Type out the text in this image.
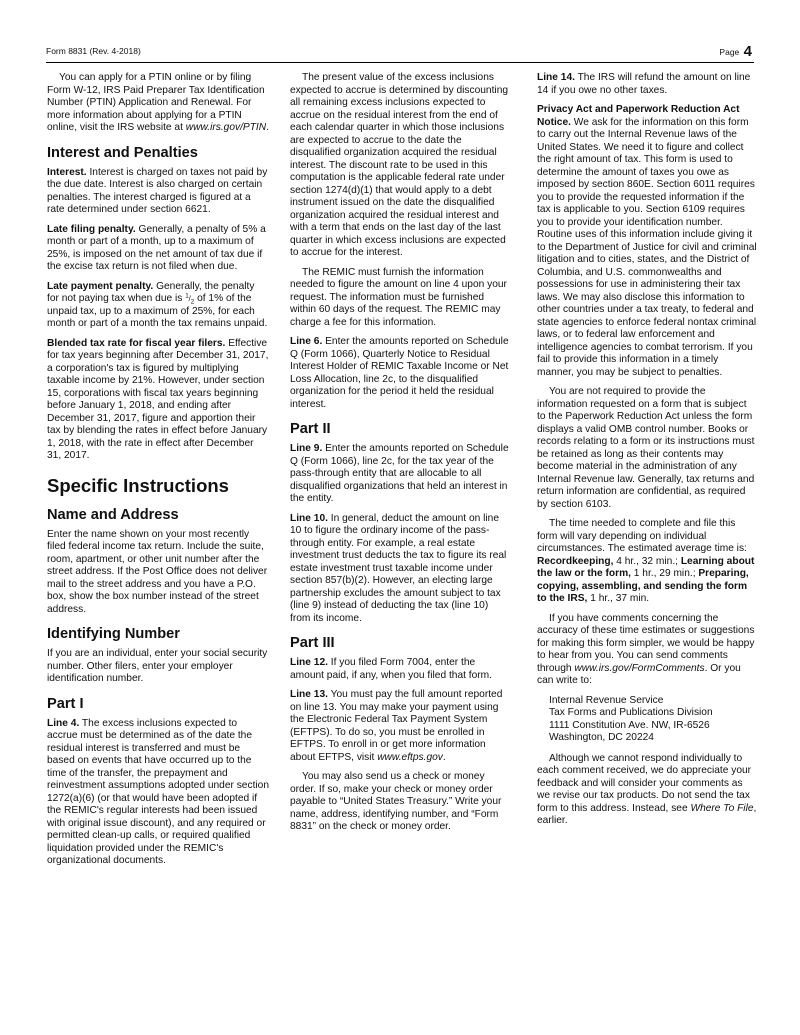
Form 8831 (Rev. 4-2018)	Page 4

You can apply for a PTIN online or by filing Form W-12, IRS Paid Preparer Tax Identification Number (PTIN) Application and Renewal. For more information about applying for a PTIN online, visit the IRS website at www.irs.gov/PTIN.

Interest and Penalties

Interest. Interest is charged on taxes not paid by the due date. Interest is also charged on certain penalties. The interest charged is figured at a rate determined under section 6621.

Late filing penalty. Generally, a penalty of 5% a month or part of a month, up to a maximum of 25%, is imposed on the net amount of tax due if the excise tax return is not filed when due.

Late payment penalty. Generally, the penalty for not paying tax when due is $^1/_2$ of 1% of the unpaid tax, up to a maximum of 25%, for each month or part of a month the tax remains unpaid.

Blended tax rate for fiscal year filers. Effective for tax years beginning after December 31, 2017, a corporation's tax is figured by multiplying taxable income by 21%. However, under section 15, corporations with fiscal tax years beginning before January 1, 2018, and ending after December 31, 2017, figure and apportion their tax by blending the rates in effect before January 1, 2018, with the rate in effect after December 31, 2017.

Specific Instructions
Name and Address

Enter the name shown on your most recently filed federal income tax return. Include the suite, room, apartment, or other unit number after the street address. If the Post Office does not deliver mail to the street address and you have a P.O. box, show the box number instead of the street address.

Identifying Number

If you are an individual, enter your social security number. Other filers, enter your employer identification number.

Part I

Line 4. The excess inclusions expected to accrue must be determined as of the date the residual interest is transferred and must be based on events that have occurred up to the time of the transfer, the prepayment and reinvestment assumptions adopted under section 1272(a)(6) (or that would have been adopted if the REMIC's regular interests had been issued with original issue discount), and any required or permitted clean-up calls, or required qualified liquidation provided under the REMIC's organizational documents.

The present value of the excess inclusions expected to accrue is determined by discounting all remaining excess inclusions expected to accrue on the residual interest from the end of each calendar quarter in which those inclusions are expected to accrue to the date the disqualified organization acquired the residual interest. The discount rate to be used in this computation is the applicable federal rate under section 1274(d)(1) that would apply to a debt instrument issued on the date the disqualified organization acquired the residual interest and with a term that ends on the last day of the last quarter in which excess inclusions are expected to accrue for the interest.

The REMIC must furnish the information needed to figure the amount on line 4 upon your request. The information must be furnished within 60 days of the request. The REMIC may charge a fee for this information.

Line 6. Enter the amounts reported on Schedule Q (Form 1066), Quarterly Notice to Residual Interest Holder of REMIC Taxable Income or Net Loss Allocation, line 2c, to the disqualified organization for the period it held the residual interest.

Part II

Line 9. Enter the amounts reported on Schedule Q (Form 1066), line 2c, for the tax year of the pass-through entity that are allocable to all disqualified organizations that held an interest in the entity.

Line 10. In general, deduct the amount on line 10 to figure the ordinary income of the pass-through entity. For example, a real estate investment trust deducts the tax to figure its real estate investment trust taxable income under section 857(b)(2). However, an electing large partnership excludes the amount subject to tax (line 9) instead of deducting the tax (line 10) from its income.

Part III

Line 12. If you filed Form 7004, enter the amount paid, if any, when you filed that form.

Line 13. You must pay the full amount reported on line 13. You may make your payment using the Electronic Federal Tax Payment System (EFTPS). To do so, you must be enrolled in EFTPS. To enroll in or get more information about EFTPS, visit www.eftps.gov.

You may also send us a check or money order. If so, make your check or money order payable to “United States Treasury.” Write your name, address, identifying number, and “Form 8831” on the check or money order.

Line 14. The IRS will refund the amount on line 14 if you owe no other taxes.

Privacy Act and Paperwork Reduction Act Notice. We ask for the information on this form to carry out the Internal Revenue laws of the United States. We need it to figure and collect the right amount of tax. This form is used to determine the amount of taxes you owe as imposed by section 860E. Section 6011 requires you to provide the requested information if the tax is applicable to you. Section 6109 requires you to provide your identification number. Routine uses of this information include giving it to the Department of Justice for civil and criminal litigation and to cities, states, and the District of Columbia, and U.S. commonwealths and possessions for use in administering their tax laws. We may also disclose this information to other countries under a tax treaty, to federal and state agencies to enforce federal nontax criminal laws, or to federal law enforcement and intelligence agencies to combat terrorism. If you fail to provide this information in a timely manner, you may be subject to penalties.

You are not required to provide the information requested on a form that is subject to the Paperwork Reduction Act unless the form displays a valid OMB control number. Books or records relating to a form or its instructions must be retained as long as their contents may become material in the administration of any Internal Revenue law. Generally, tax returns and return information are confidential, as required by section 6103.

The time needed to complete and file this form will vary depending on individual circumstances. The estimated average time is: Recordkeeping, 4 hr., 32 min.; Learning about the law or the form, 1 hr., 29 min.; Preparing, copying, assembling, and sending the form to the IRS, 1 hr., 37 min.

If you have comments concerning the accuracy of these time estimates or suggestions for making this form simpler, we would be happy to hear from you. You can send comments through www.irs.gov/FormComments. Or you can write to:

Internal Revenue Service
Tax Forms and Publications Division
1111 Constitution Ave. NW, IR-6526
Washington, DC 20224

Although we cannot respond individually to each comment received, we do appreciate your feedback and will consider your comments as we revise our tax products. Do not send the tax form to this address. Instead, see Where To File, earlier.
